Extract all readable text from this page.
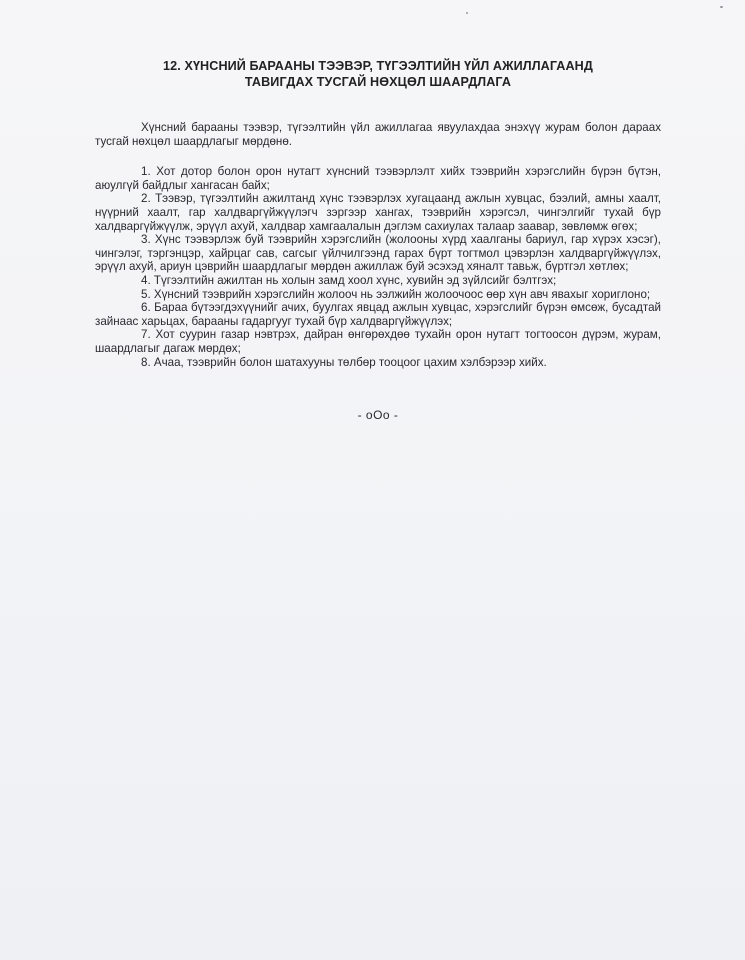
12. ХҮНСНИЙ БАРААНЫ ТЭЭВЭР, ТҮГЭЭЛТИЙН ҮЙЛ АЖИЛЛАГААНД
ТАВИГДАХ ТУСГАЙ НӨХЦӨЛ ШААРДЛАГА

Хүнсний барааны тээвэр, түгээлтийн үйл ажиллагаа явуулахдаа энэхүү журам болон дараах тусгай нөхцөл шаардлагыг мөрдөнө.

1. Хот дотор болон орон нутагт хүнсний тээвэрлэлт хийх тээврийн хэрэгслийн бүрэн бүтэн, аюулгүй байдлыг хангасан байх;

2. Тээвэр, түгээлтийн ажилтанд хүнс тээвэрлэх хугацаанд ажлын хувцас, бээлий, амны хаалт, нүүрний хаалт, гар халдваргүйжүүлэгч зэргээр хангах, тээврийн хэрэгсэл, чингэлгийг тухай бүр халдваргүйжүүлж, эрүүл ахуй, халдвар хамгаалалын дэглэм сахиулах талаар заавар, зөвлөмж өгөх;

3. Хүнс тээвэрлэж буй тээврийн хэрэгслийн (жолооны хүрд хаалганы бариул, гар хүрэх хэсэг), чингэлэг, тэргэнцэр, хайрцаг сав, сагсыг үйлчилгээнд гарах бүрт тогтмол цэвэрлэн халдваргүйжүүлэх, эрүүл ахуй, ариун цэврийн шаардлагыг мөрдөн ажиллаж буй эсэхэд хяналт тавьж, бүртгэл хөтлөх;

4. Түгээлтийн ажилтан нь холын замд хоол хүнс, хувийн эд зүйлсийг бэлтгэх;

5. Хүнсний тээврийн хэрэгслийн жолооч нь ээлжийн жолоочоос өөр хүн авч явахыг хориглоно;

6. Бараа бүтээгдэхүүнийг ачих, буулгах явцад ажлын хувцас, хэрэгслийг бүрэн өмсөж, бусадтай зайнаас харьцах, барааны гадаргууг тухай бүр халдваргүйжүүлэх;

7. Хот суурин газар нэвтрэх, дайран өнгөрөхдөө тухайн орон нутагт тогтоосон дүрэм, журам, шаардлагыг дагаж мөрдөх;

8. Ачаа, тээврийн болон шатахууны төлбөр тооцоог цахим хэлбэрээр хийх.

- oOo -
